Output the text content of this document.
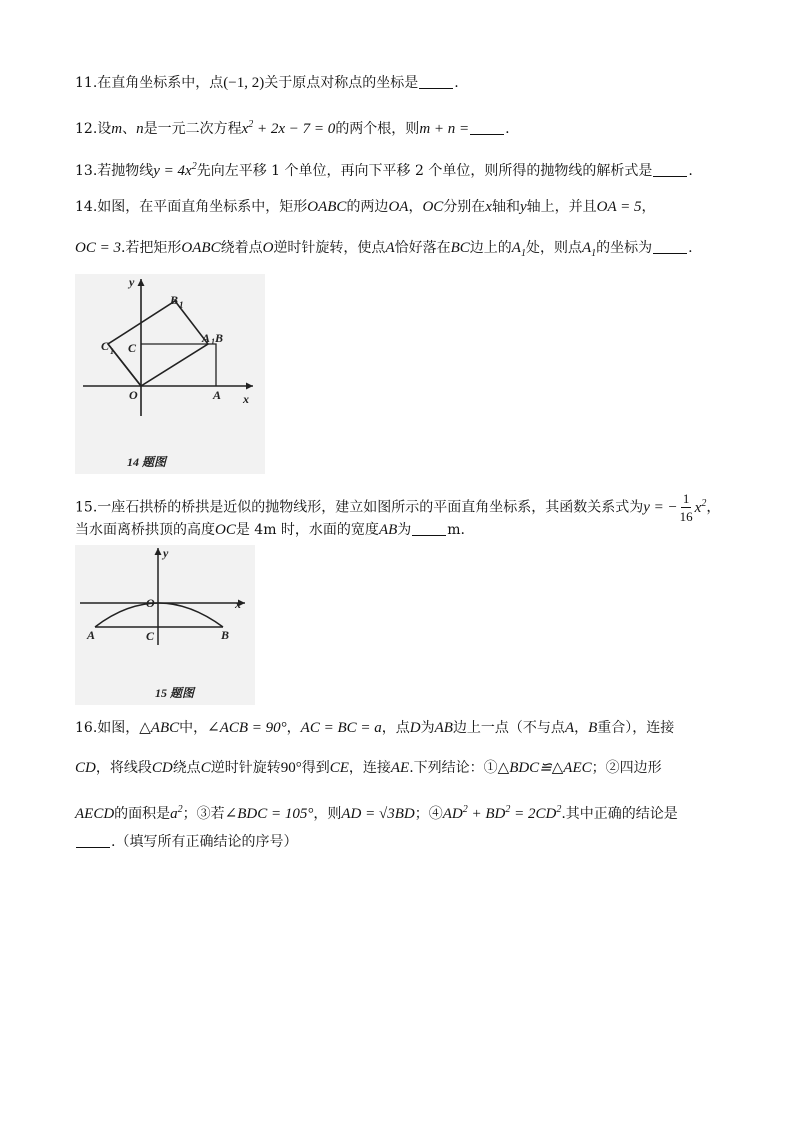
11.在直角坐标系中，点(−1, 2)关于原点对称点的坐标是	.
12.设m、n是一元二次方程$x^2 + 2x - 7 = 0$的两个根，则m + n =	.
13.若抛物线$y = 4x^2$先向左平移 1 个单位，再向下平移 2 个单位，则所得的抛物线的解析式是	.
14.如图，在平面直角坐标系中，矩形OABC的两边OA，OC分别在x轴和y轴上，并且OA = 5，
OC = 3.若把矩形OABC绕着点O逆时针旋转，使点A恰好落在BC边上的$A_1$处，则点$A_1$的坐标为	.
y
B 1
A 1 B
C 1 C
O	A x
14 题图
15.一座石拱桥的桥拱是近似的抛物线形，建立如图所示的平面直角坐标系，其函数关系式为y = − $\frac{1}{16} x^2$，
当水面离桥拱顶的高度OC是 4m 时，水面的宽度AB为	m.
y
O	x
A	C	B
15 题图
16.如图，△ABC中，∠ACB = 90°，AC = BC = a，点D为AB边上一点（不与点A，B重合），连接
CD，将线段CD绕点C逆时针旋转90°得到CE，连接AE.下列结论：①△BDC≌△AEC；②四边形
AECD的面积是$a^2$；③若∠BDC = 105°，则AD = √3BD；$④AD^2 + BD^2 = 2CD^2$.其中正确的结论是
.（填写所有正确结论的序号）
